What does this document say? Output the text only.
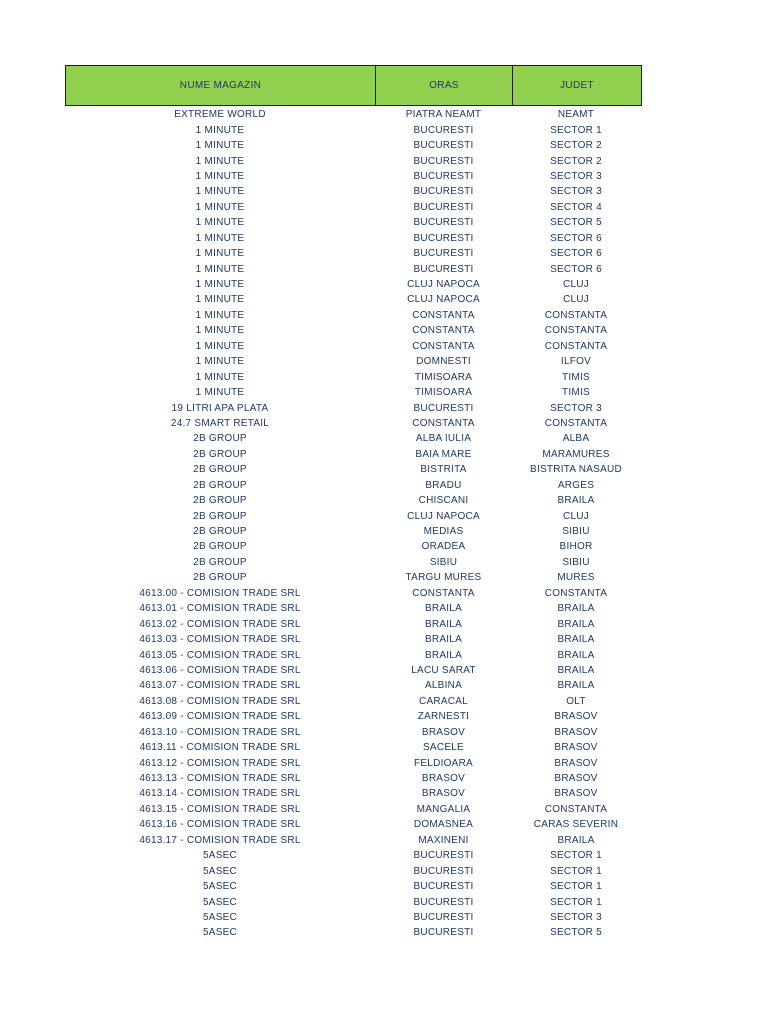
NUME MAGAZIN	ORAS	JUDET
EXTREME WORLD	PIATRA NEAMT	NEAMT
1 MINUTE	BUCURESTI	SECTOR 1
1 MINUTE	BUCURESTI	SECTOR 2
1 MINUTE	BUCURESTI	SECTOR 2
1 MINUTE	BUCURESTI	SECTOR 3
1 MINUTE	BUCURESTI	SECTOR 3
1 MINUTE	BUCURESTI	SECTOR 4
1 MINUTE	BUCURESTI	SECTOR 5
1 MINUTE	BUCURESTI	SECTOR 6
1 MINUTE	BUCURESTI	SECTOR 6
1 MINUTE	BUCURESTI	SECTOR 6
1 MINUTE	CLUJ NAPOCA	CLUJ
1 MINUTE	CLUJ NAPOCA	CLUJ
1 MINUTE	CONSTANTA	CONSTANTA
1 MINUTE	CONSTANTA	CONSTANTA
1 MINUTE	CONSTANTA	CONSTANTA
1 MINUTE	DOMNESTI	ILFOV
1 MINUTE	TIMISOARA	TIMIS
1 MINUTE	TIMISOARA	TIMIS
19 LITRI APA PLATA	BUCURESTI	SECTOR 3
24.7 SMART RETAIL	CONSTANTA	CONSTANTA
2B GROUP	ALBA IULIA	ALBA
2B GROUP	BAIA MARE	MARAMURES
2B GROUP	BISTRITA	BISTRITA NASAUD
2B GROUP	BRADU	ARGES
2B GROUP	CHISCANI	BRAILA
2B GROUP	CLUJ NAPOCA	CLUJ
2B GROUP	MEDIAS	SIBIU
2B GROUP	ORADEA	BIHOR
2B GROUP	SIBIU	SIBIU
2B GROUP	TARGU MURES	MURES
4613.00 - COMISION TRADE SRL	CONSTANTA	CONSTANTA
4613.01 - COMISION TRADE SRL	BRAILA	BRAILA
4613.02 - COMISION TRADE SRL	BRAILA	BRAILA
4613.03 - COMISION TRADE SRL	BRAILA	BRAILA
4613.05 - COMISION TRADE SRL	BRAILA	BRAILA
4613.06 - COMISION TRADE SRL	LACU SARAT	BRAILA
4613.07 - COMISION TRADE SRL	ALBINA	BRAILA
4613.08 - COMISION TRADE SRL	CARACAL	OLT
4613.09 - COMISION TRADE SRL	ZARNESTI	BRASOV
4613.10 - COMISION TRADE SRL	BRASOV	BRASOV
4613.11 - COMISION TRADE SRL	SACELE	BRASOV
4613.12 - COMISION TRADE SRL	FELDIOARA	BRASOV
4613.13 - COMISION TRADE SRL	BRASOV	BRASOV
4613.14 - COMISION TRADE SRL	BRASOV	BRASOV
4613.15 - COMISION TRADE SRL	MANGALIA	CONSTANTA
4613.16 - COMISION TRADE SRL	DOMASNEA	CARAS SEVERIN
4613.17 - COMISION TRADE SRL	MAXINENI	BRAILA
5ASEC	BUCURESTI	SECTOR 1
5ASEC	BUCURESTI	SECTOR 1
5ASEC	BUCURESTI	SECTOR 1
5ASEC	BUCURESTI	SECTOR 1
5ASEC	BUCURESTI	SECTOR 3
5ASEC	BUCURESTI	SECTOR 5
